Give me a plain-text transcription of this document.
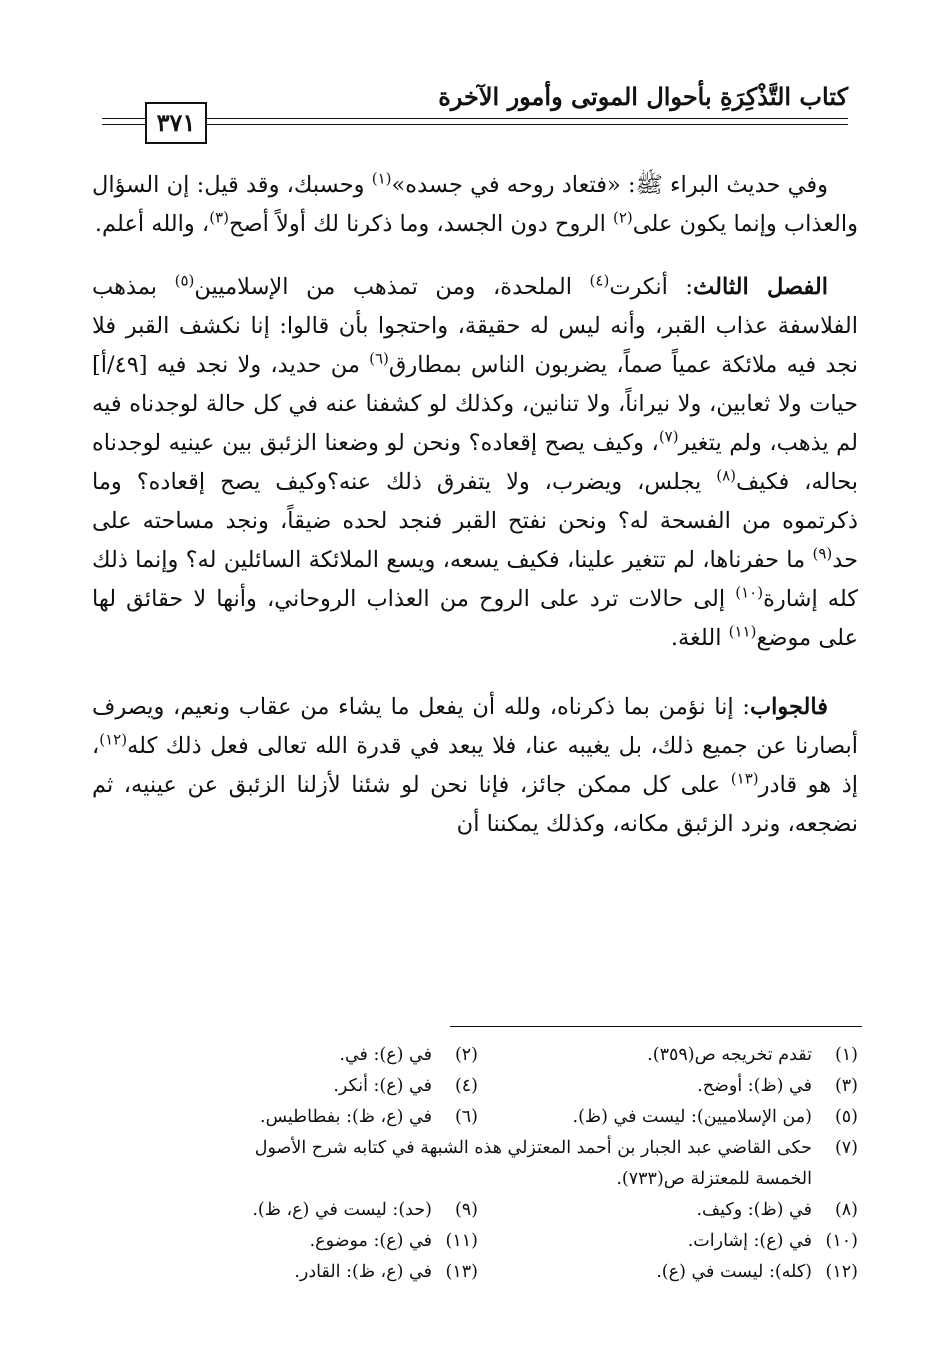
كتاب التَّذْكِرَةِ بأحوال الموتى وأمور الآخرة
٣٧١

وفي حديث البراء ﷺ: «فتعاد روحه في جسده»$^{(١)}$ وحسبك، وقد قيل: إن السؤال والعذاب وإنما يكون على$^{(٢)}$ الروح دون الجسد، وما ذكرنا لك أولاً أصح$^{(٣)}$، والله أعلم.

الفصل الثالث: أنكرت$^{(٤)}$ الملحدة، ومن تمذهب من الإسلاميين$^{(٥)}$ بمذهب الفلاسفة عذاب القبر، وأنه ليس له حقيقة، واحتجوا بأن قالوا: إنا نكشف القبر فلا نجد فيه ملائكة عمياً صماً، يضربون الناس بمطارق$^{(٦)}$ من حديد، ولا نجد فيه [٤٩/أ] حيات ولا ثعابين، ولا نيراناً، ولا تنانين، وكذلك لو كشفنا عنه في كل حالة لوجدناه فيه لم يذهب، ولم يتغير$^{(٧)}$، وكيف يصح إقعاده؟ ونحن لو وضعنا الزئبق بين عينيه لوجدناه بحاله، فكيف$^{(٨)}$ يجلس، ويضرب، ولا يتفرق ذلك عنه؟وكيف يصح إقعاده؟ وما ذكرتموه من الفسحة له؟ ونحن نفتح القبر فنجد لحده ضيقاً، ونجد مساحته على حد$^{(٩)}$ ما حفرناها، لم تتغير علينا، فكيف يسعه، ويسع الملائكة السائلين له؟ وإنما ذلك كله إشارة$^{(١٠)}$ إلى حالات ترد على الروح من العذاب الروحاني، وأنها لا حقائق لها على موضع$^{(١١)}$ اللغة.

فالجواب: إنا نؤمن بما ذكرناه، ولله أن يفعل ما يشاء من عقاب ونعيم، ويصرف أبصارنا عن جميع ذلك، بل يغيبه عنا، فلا يبعد في قدرة الله تعالى فعل ذلك كله$^{(١٢)}$، إذ هو قادر$^{(١٣)}$ على كل ممكن جائز، فإنا نحن لو شئنا لأزلنا الزئبق عن عينيه، ثم نضجعه، ونرد الزئبق مكانه، وكذلك يمكننا أن

(١)تقدم تخريجه ص(٣٥٩).
(٢)في (ع): في.
(٣)في (ظ): أوضح.
(٤)في (ع): أنكر.
(٥)(من الإسلاميين): ليست في (ظ).
(٦)في (ع، ظ): بفطاطيس.
(٧)حكى القاضي عبد الجبار بن أحمد المعتزلي هذه الشبهة في كتابه شرح الأصول
الخمسة للمعتزلة ص(٧٣٣).
(٨)في (ظ): وكيف.
(٩)(حد): ليست في (ع، ظ).
(١٠)في (ع): إشارات.
(١١)في (ع): موضوع.
(١٢)(كله): ليست في (ع).
(١٣)في (ع، ظ): القادر.
